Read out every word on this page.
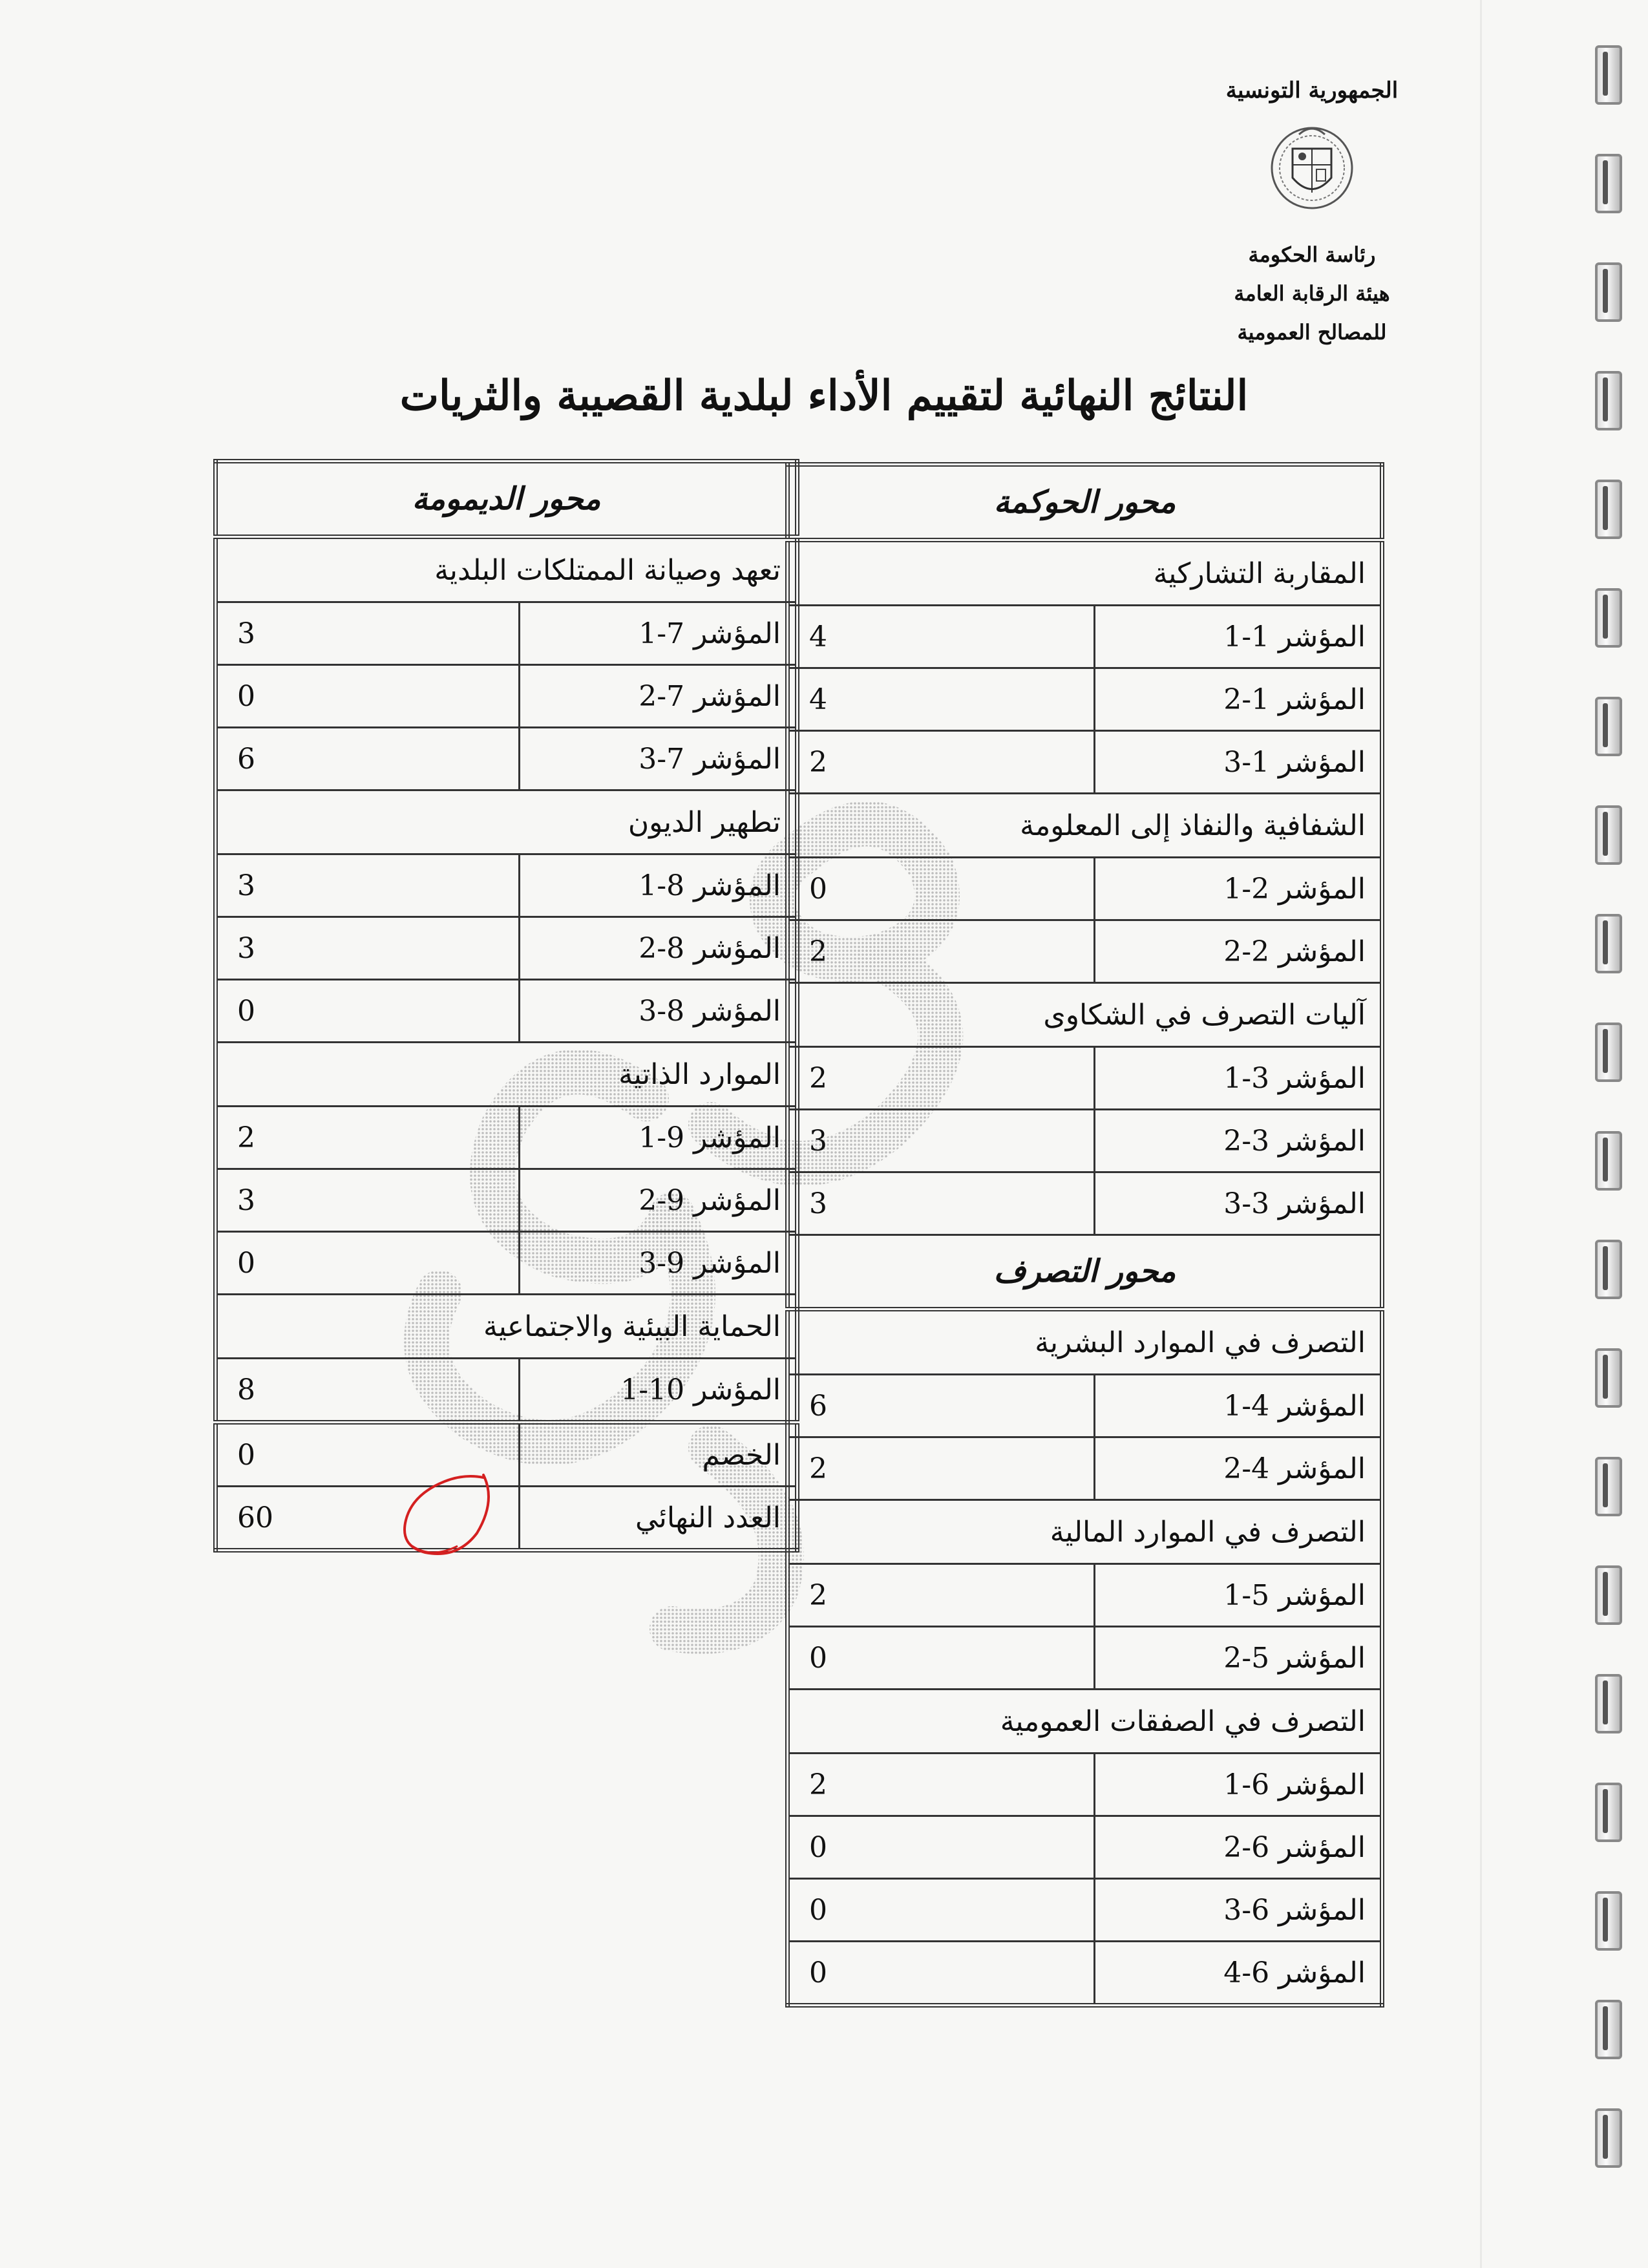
الجمهورية التونسية
رئاسة الحكومة
هيئة الرقابة العامة
للمصالح العمومية
النتائج النهائية لتقييم الأداء لبلدية القصيبة والثريات
محور الحوكمة	
المقاربة التشاركية	
المؤشر 1-1	4
المؤشر 1-2	4
المؤشر 1-3	2
الشفافية والنفاذ إلى المعلومة	
المؤشر 2-1	0
المؤشر 2-2	2
آليات التصرف في الشكاوى	
المؤشر 3-1	2
المؤشر 3-2	3
المؤشر 3-3	3
محور التصرف	
التصرف في الموارد البشرية	
المؤشر 4-1	6
المؤشر 4-2	2
التصرف في الموارد المالية	
المؤشر 5-1	2
المؤشر 5-2	0
التصرف في الصفقات العمومية	
المؤشر 6-1	2
المؤشر 6-2	0
المؤشر 6-3	0
المؤشر 6-4	0
محور الديمومة	
تعهد وصيانة الممتلكات البلدية	
المؤشر 7-1	3
المؤشر 7-2	0
المؤشر 7-3	6
تطهير الديون	
المؤشر 8-1	3
المؤشر 8-2	3
المؤشر 8-3	0
الموارد الذاتية	
المؤشر 9-1	2
المؤشر 9-2	3
المؤشر 9-3	0
الحماية البيئية والاجتماعية	
المؤشر 10-1	8
الخصم	0
العدد النهائي	60
